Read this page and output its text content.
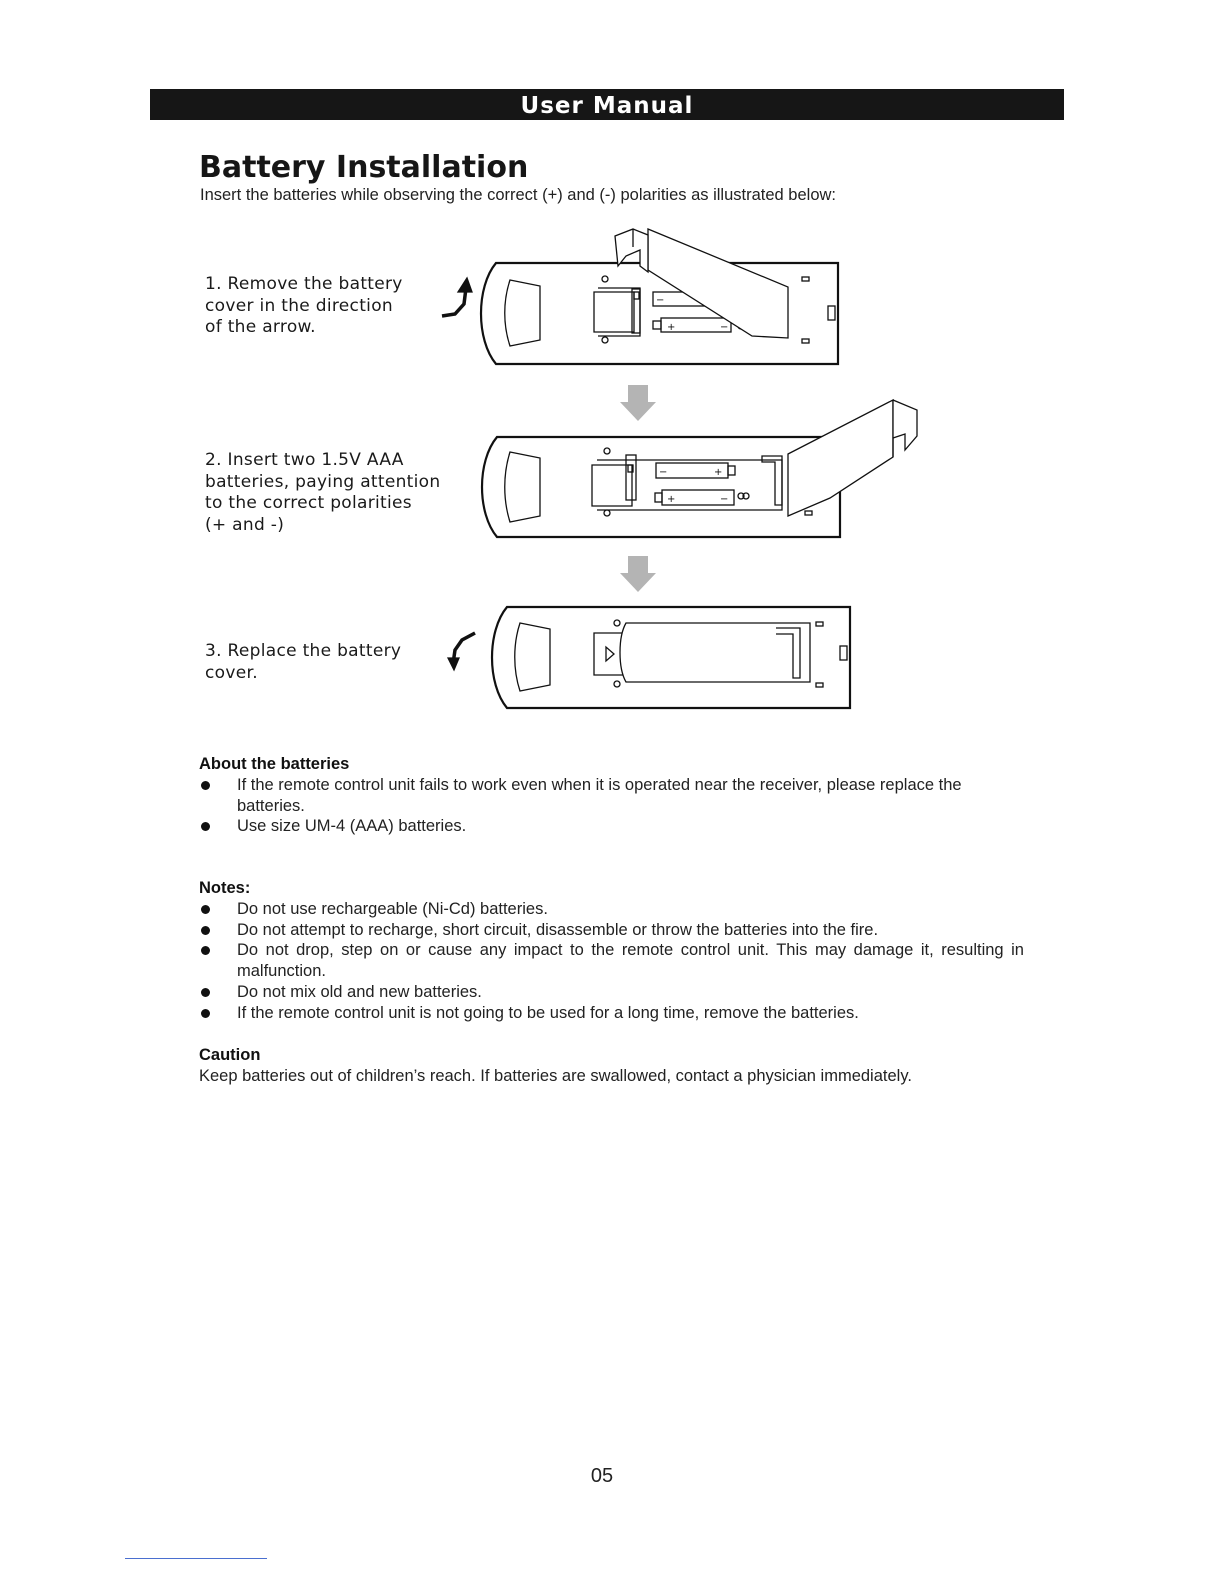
User Manual
Battery Installation
Insert the batteries while observing the correct (+) and (-) polarities as illustrated below:
1. Remove the battery
cover in the direction
of the arrow.
2. Insert two 1.5V AAA
batteries, paying attention
to the correct polarities
(+ and -)
3. Replace the battery
cover.
−
+	−
−	+
+	−
About the batteries
If the remote control unit fails to work even when it is operated near the receiver, please replace the batteries.
Use size UM-4 (AAA) batteries.
Notes:
Do not use rechargeable (Ni-Cd) batteries.
Do not attempt to recharge, short circuit, disassemble or throw the batteries into the fire.
Do not drop, step on or cause any impact to the remote control unit. This may damage it, resulting in malfunction.
Do not mix old and new batteries.
If the remote control unit is not going to be used for a long time, remove the batteries.
Caution
Keep batteries out of children’s reach. If batteries are swallowed, contact a physician immediately.
05
